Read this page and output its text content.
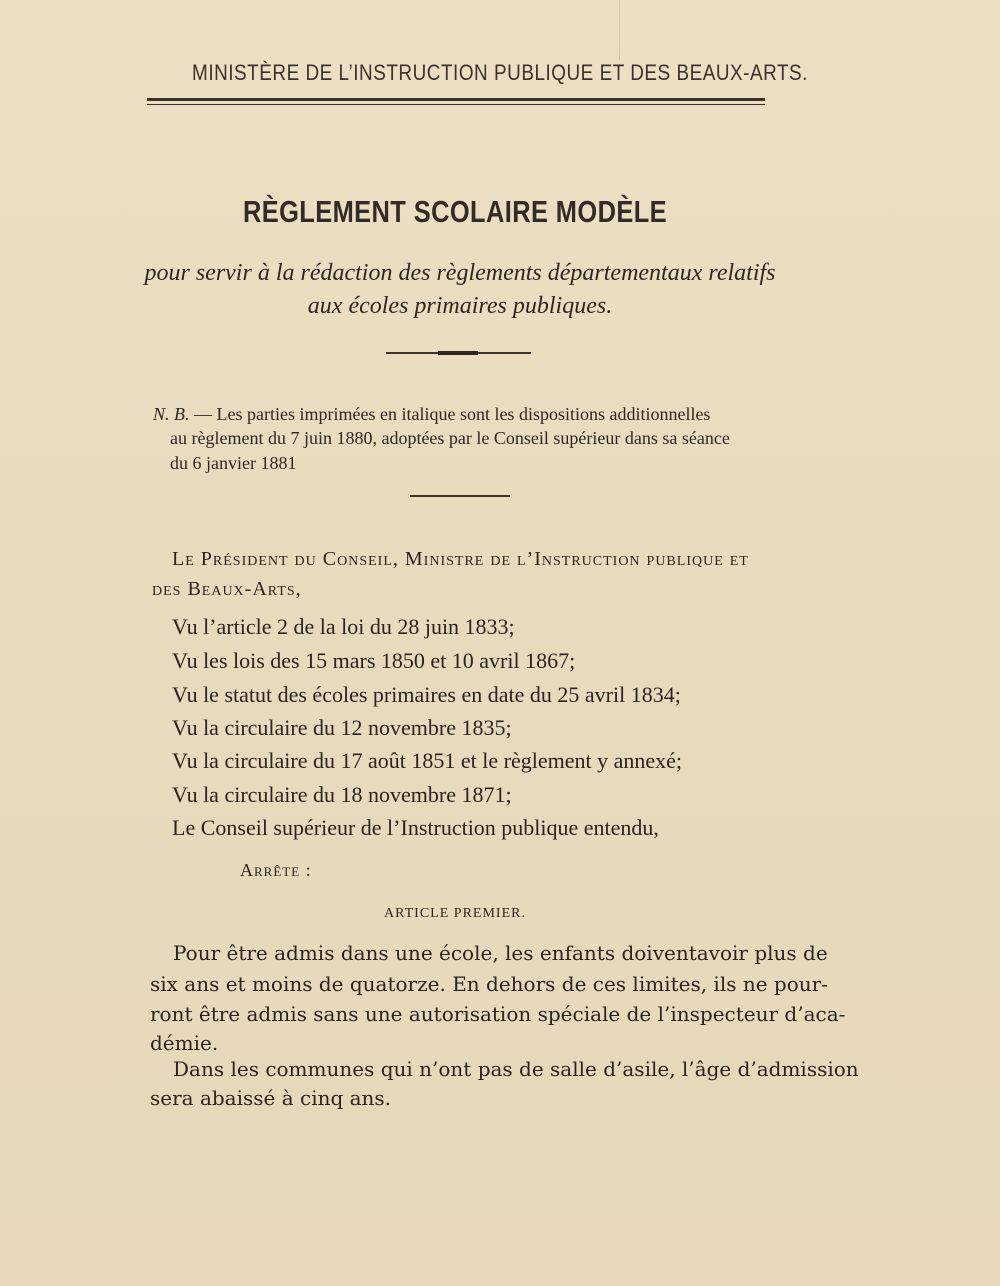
MINISTÈRE DE L’INSTRUCTION PUBLIQUE ET DES BEAUX-ARTS.
RÈGLEMENT SCOLAIRE MODÈLE
pour servir à la rédaction des règlements départementaux relatifs
aux écoles primaires publiques.
N. B. — Les parties imprimées en italique sont les dispositions additionnelles
au règlement du 7 juin 1880, adoptées par le Conseil supérieur dans sa séance
du 6 janvier 1881
Le Président du Conseil, Ministre de l’Instruction publique et
des Beaux-Arts,
Vu l’article 2 de la loi du 28 juin 1833;
Vu les lois des 15 mars 1850 et 10 avril 1867;
Vu le statut des écoles primaires en date du 25 avril 1834;
Vu la circulaire du 12 novembre 1835;
Vu la circulaire du 17 août 1851 et le règlement y annexé;
Vu la circulaire du 18 novembre 1871;
Le Conseil supérieur de l’Instruction publique entendu,
Arrête :
ARTICLE PREMIER.
Pour être admis dans une école, les enfants doiventavoir plus de
six ans et moins de quatorze. En dehors de ces limites, ils ne pour-
ront être admis sans une autorisation spéciale de l’inspecteur d’aca-
démie.
Dans les communes qui n’ont pas de salle d’asile, l’âge d’admission
sera abaissé à cinq ans.
